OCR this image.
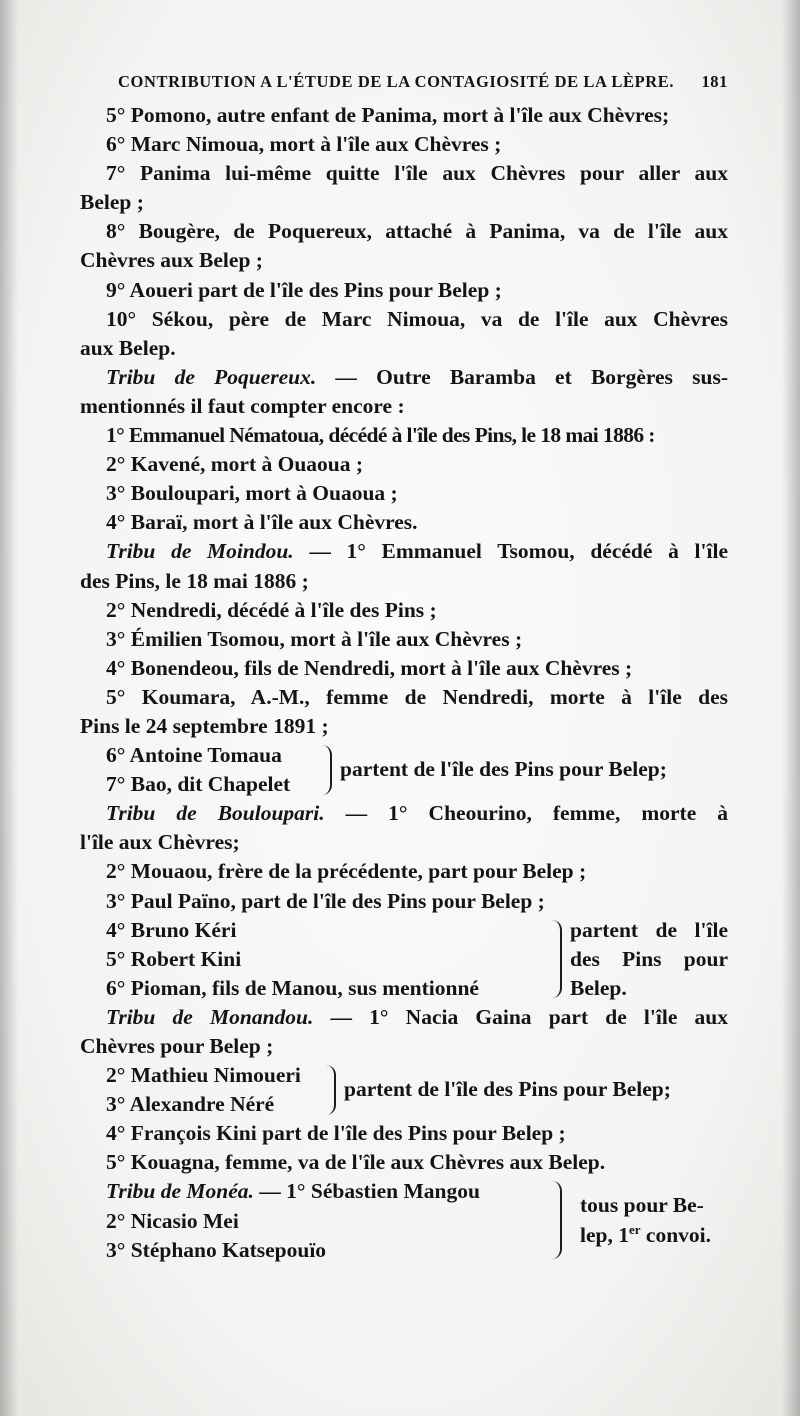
CONTRIBUTION A L'ÉTUDE DE LA CONTAGIOSITÉ DE LA LÈPRE. 181
5° Pomono, autre enfant de Panima, mort à l'île aux Chèvres;
6° Marc Nimoua, mort à l'île aux Chèvres ;
7° Panima lui-même quitte l'île aux Chèvres pour aller aux
Belep ;
8° Bougère, de Poquereux, attaché à Panima, va de l'île aux
Chèvres aux Belep ;
9° Aoueri part de l'île des Pins pour Belep ;
10° Sékou, père de Marc Nimoua, va de l'île aux Chèvres
aux Belep.
Tribu de Poquereux. — Outre Baramba et Borgères sus-
mentionnés il faut compter encore :
1° Emmanuel Nématoua, décédé à l'île des Pins, le 18 mai 1886 :
2° Kavené, mort à Ouaoua ;
3° Bouloupari, mort à Ouaoua ;
4° Baraï, mort à l'île aux Chèvres.
Tribu de Moindou. — 1° Emmanuel Tsomou, décédé à l'île
des Pins, le 18 mai 1886 ;
2° Nendredi, décédé à l'île des Pins ;
3° Émilien Tsomou, mort à l'île aux Chèvres ;
4° Bonendeou, fils de Nendredi, mort à l'île aux Chèvres ;
5° Koumara, A.-M., femme de Nendredi, morte à l'île des
Pins le 24 septembre 1891 ;
6° Antoine Tomaua
7° Bao, dit Chapelet
partent de l'île des Pins pour Belep;
Tribu de Bouloupari. — 1° Cheourino, femme, morte à
l'île aux Chèvres;
2° Mouaou, frère de la précédente, part pour Belep ;
3° Paul Païno, part de l'île des Pins pour Belep ;
4° Bruno Kéri
5° Robert Kini
6° Pioman, fils de Manou, sus mentionné
partent de l'île
des Pins pour
Belep.
Tribu de Monandou. — 1° Nacia Gaina part de l'île aux
Chèvres pour Belep ;
2° Mathieu Nimoueri
3° Alexandre Néré
partent de l'île des Pins pour Belep;
4° François Kini part de l'île des Pins pour Belep ;
5° Kouagna, femme, va de l'île aux Chèvres aux Belep.
Tribu de Monéa. — 1° Sébastien Mangou
2° Nicasio Mei
3° Stéphano Katsepouïo
tous pour Be-
lep, 1er convoi.
